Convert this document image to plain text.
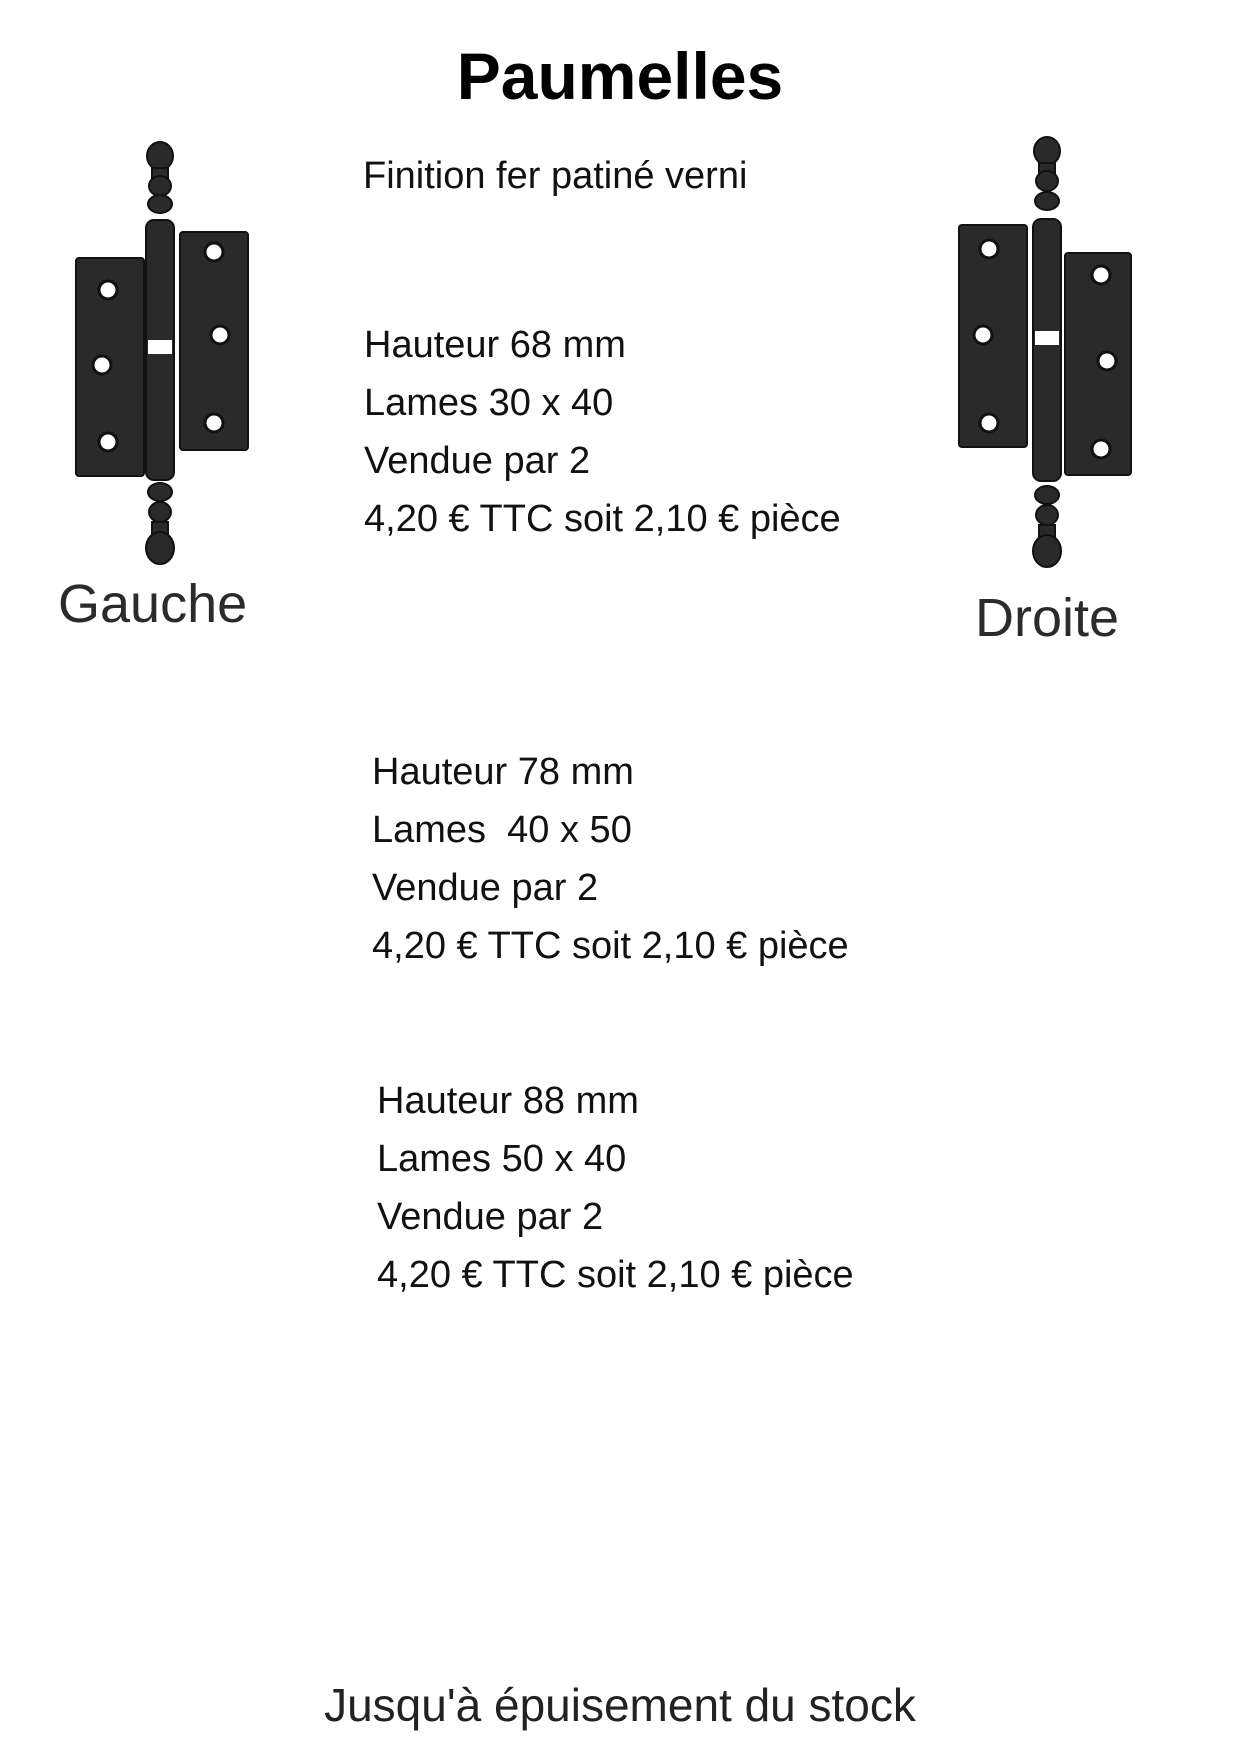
Paumelles
Finition fer patiné verni
Gauche	Droite
Hauteur 68 mm
Lames 30 x 40
Vendue par 2
4,20 € TTC soit 2,10 € pièce
Hauteur 78 mm
Lames  40 x 50
Vendue par 2
4,20 € TTC soit 2,10 € pièce
Hauteur 88 mm
Lames 50 x 40
Vendue par 2
4,20 € TTC soit 2,10 € pièce
Jusqu'à épuisement du stock
